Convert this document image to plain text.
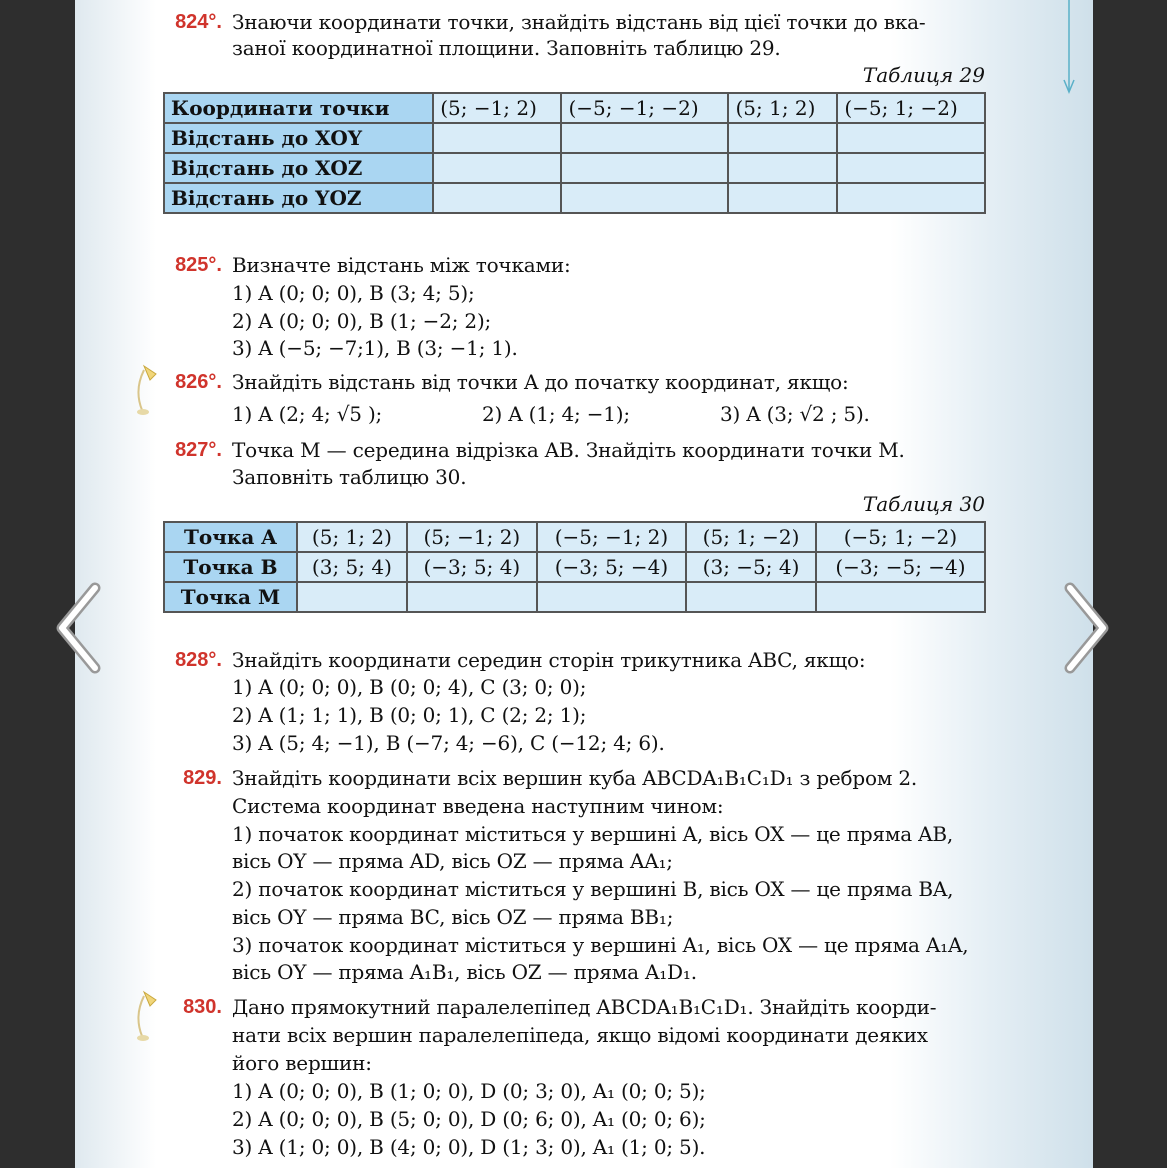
824°. Знаючи координати точки, знайдіть відстань від цієї точки до вка-
заної координатної площини. Заповніть таблицю 29.
Таблиця 29
Координати точки	(5; −1; 2)	(−5; −1; −2)	(5; 1; 2)	(−5; 1; −2)
Відстань до XOY				
Відстань до XOZ				
Відстань до YOZ				
825°. Визначте відстань між точками:
1) A (0; 0; 0), B (3; 4; 5);
2) A (0; 0; 0), B (1; −2; 2);
3) A (−5; −7;1), B (3; −1; 1).
826°. Знайдіть відстань від точки A до початку координат, якщо:
1) A (2; 4; √5 );	2) A (1; 4; −1);	3) A (3; √2 ; 5).
827°. Точка M — середина відрізка AB. Знайдіть координати точки M.
Заповніть таблицю 30.
Таблиця 30
Точка A	(5; 1; 2)	(5; −1; 2)	(−5; −1; 2)	(5; 1; −2)	(−5; 1; −2)
Точка B	(3; 5; 4)	(−3; 5; 4)	(−3; 5; −4)	(3; −5; 4)	(−3; −5; −4)
Точка M					
828°. Знайдіть координати середин сторін трикутника ABC, якщо:
1) A (0; 0; 0), B (0; 0; 4), C (3; 0; 0);
2) A (1; 1; 1), B (0; 0; 1), C (2; 2; 1);
3) A (5; 4; −1), B (−7; 4; −6), C (−12; 4; 6).
829. Знайдіть координати всіх вершин куба ABCDA₁B₁C₁D₁ з ребром 2.
Система координат введена наступним чином:
1) початок координат міститься у вершині A, вісь OX — це пряма AB,
вісь OY — пряма AD, вісь OZ — пряма AA₁;
2) початок координат міститься у вершині B, вісь OX — це пряма BA,
вісь OY — пряма BC, вісь OZ — пряма BB₁;
3) початок координат міститься у вершині A₁, вісь OX — це пряма A₁A,
вісь OY — пряма A₁B₁, вісь OZ — пряма A₁D₁.
830. Дано прямокутний паралелепіпед ABCDA₁B₁C₁D₁. Знайдіть коорди-
нати всіх вершин паралелепіпеда, якщо відомі координати деяких
його вершин:
1) A (0; 0; 0), B (1; 0; 0), D (0; 3; 0), A₁ (0; 0; 5);
2) A (0; 0; 0), B (5; 0; 0), D (0; 6; 0), A₁ (0; 0; 6);
3) A (1; 0; 0), B (4; 0; 0), D (1; 3; 0), A₁ (1; 0; 5).
